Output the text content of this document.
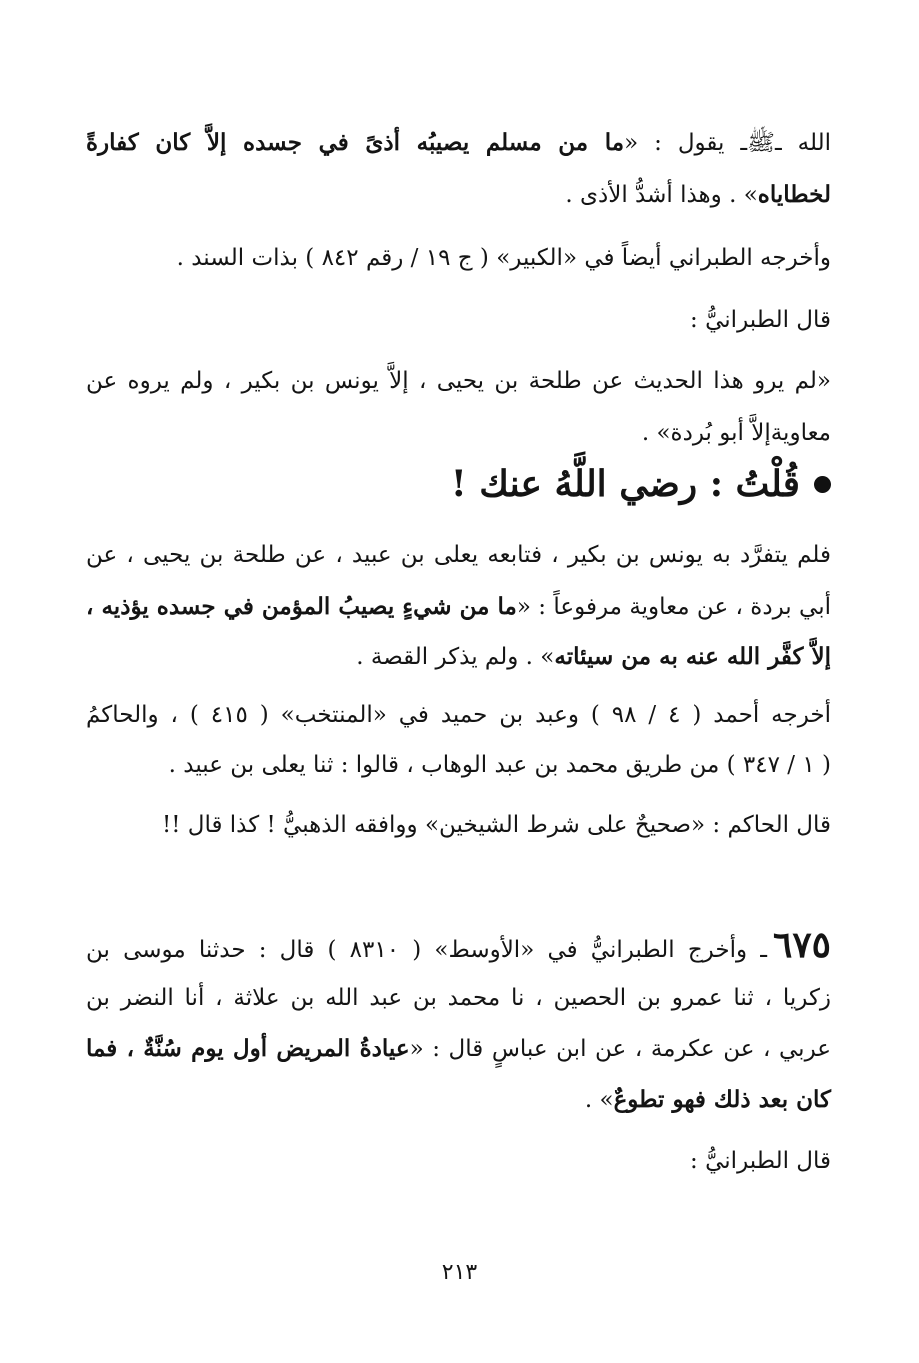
الله ـﷺـ يقول : «ما من مسلم يصيبُه أذىً في جسده إلاَّ كان كفارةً
لخطاياه» . وهذا أشدُّ الأذى .
وأخرجه الطبراني أيضاً في «الكبير» ( ج ١٩ / رقم ٨٤٢ ) بذات السند .
قال الطبرانيُّ :
«لم يرو هذا الحديث عن طلحة بن يحيى ، إلاَّ يونس بن بكير ، ولم يروه عن
معاويةإلاَّ أبو بُردة» .
قُلْتُ : رضي اللَّهُ عنك !
فلم يتفرَّد به يونس بن بكير ، فتابعه يعلى بن عبيد ، عن طلحة بن يحيى ، عن
أبي بردة ، عن معاوية مرفوعاً : «ما من شيءٍ يصيبُ المؤمن في جسده يؤذيه ،
إلاَّ كفَّر الله عنه به من سيئاته» . ولم يذكر القصة .
أخرجه أحمد ( ٤ / ٩٨ ) وعبد بن حميد في «المنتخب» ( ٤١٥ ) ، والحاكمُ
( ١ / ٣٤٧ ) من طريق محمد بن عبد الوهاب ، قالوا : ثنا يعلى بن عبيد .
قال الحاكم : «صحيحٌ على شرط الشيخين» ووافقه الذهبيُّ ! كذا قال !!
٦٧٥ـ وأخرج الطبرانيُّ في «الأوسط» ( ٨٣١٠ ) قال : حدثنا موسى بن
زكريا ، ثنا عمرو بن الحصين ، نا محمد بن عبد الله بن علاثة ، أنا النضر بن
عربي ، عن عكرمة ، عن ابن عباسٍ قال : «عيادةُ المريض أول يوم سُنَّةٌ ، فما
كان بعد ذلك فهو تطوعٌ» .
قال الطبرانيُّ :
٢١٣
